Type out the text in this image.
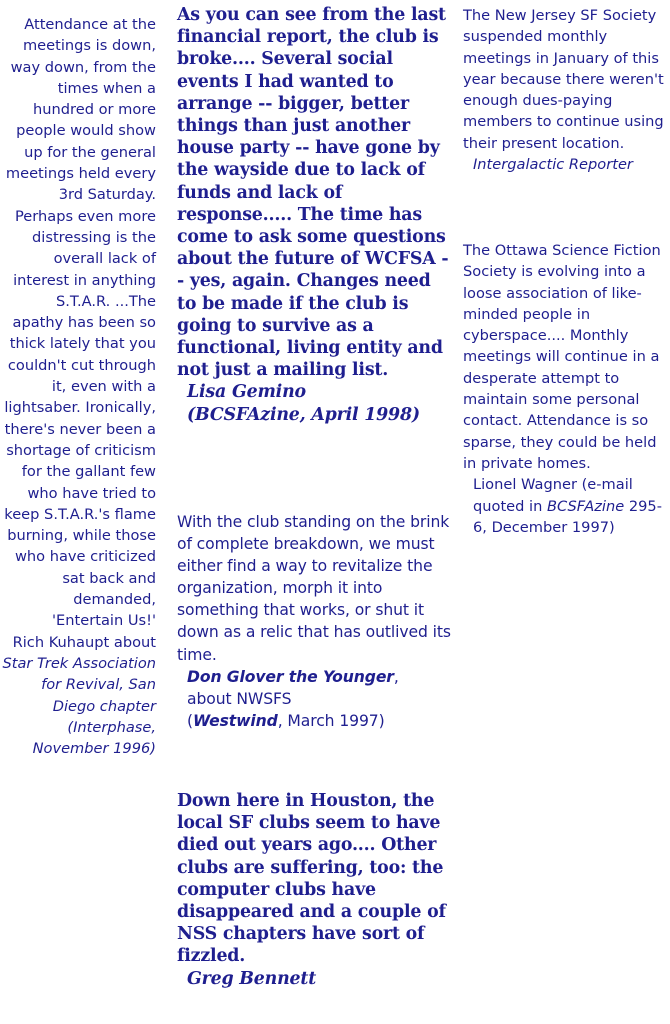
Attendance at the meetings is down, way down, from the times when a hundred or more people would show up for the general meetings held every 3rd Saturday. Perhaps even more distressing is the overall lack of interest in anything S.T.A.R. ...The apathy has been so thick lately that you couldn't cut through it, even with a lightsaber. Ironically, there's never been a shortage of criticism for the gallant few who have tried to keep S.T.A.R.'s flame burning, while those who have criticized sat back and demanded, 'Entertain Us!'

Rich Kuhaupt about Star Trek Association for Revival, San Diego chapter

(Interphase, November 1996)

As you can see from the last financial report, the club is broke.... Several social events I had wanted to arrange -- bigger, better things than just another house party -- have gone by the wayside due to lack of funds and lack of response..... The time has come to ask some questions about the future of WCFSA -- yes, again. Changes need to be made if the club is going to survive as a functional, living entity and not just a mailing list.

Lisa Gemino

(BCSFAzine, April 1998)

With the club standing on the brink of complete breakdown, we must either find a way to revitalize the organization, morph it into something that works, or shut it down as a relic that has outlived its time.

Don Glover the Younger,

about NWSFS

(Westwind, March 1997)

Down here in Houston, the local SF clubs seem to have died out years ago.... Other clubs are suffering, too: the computer clubs have disappeared and a couple of NSS chapters have sort of fizzled.

Greg Bennett

The New Jersey SF Society suspended monthly meetings in January of this year because there weren't enough dues-paying members to continue using their present location.

Intergalactic Reporter

The Ottawa Science Fiction Society is evolving into a loose association of like-minded people in cyberspace.... Monthly meetings will continue in a desperate attempt to maintain some personal contact. Attendance is so sparse, they could be held in private homes.

Lionel Wagner (e-mail quoted in BCSFAzine 295-6, December 1997)
